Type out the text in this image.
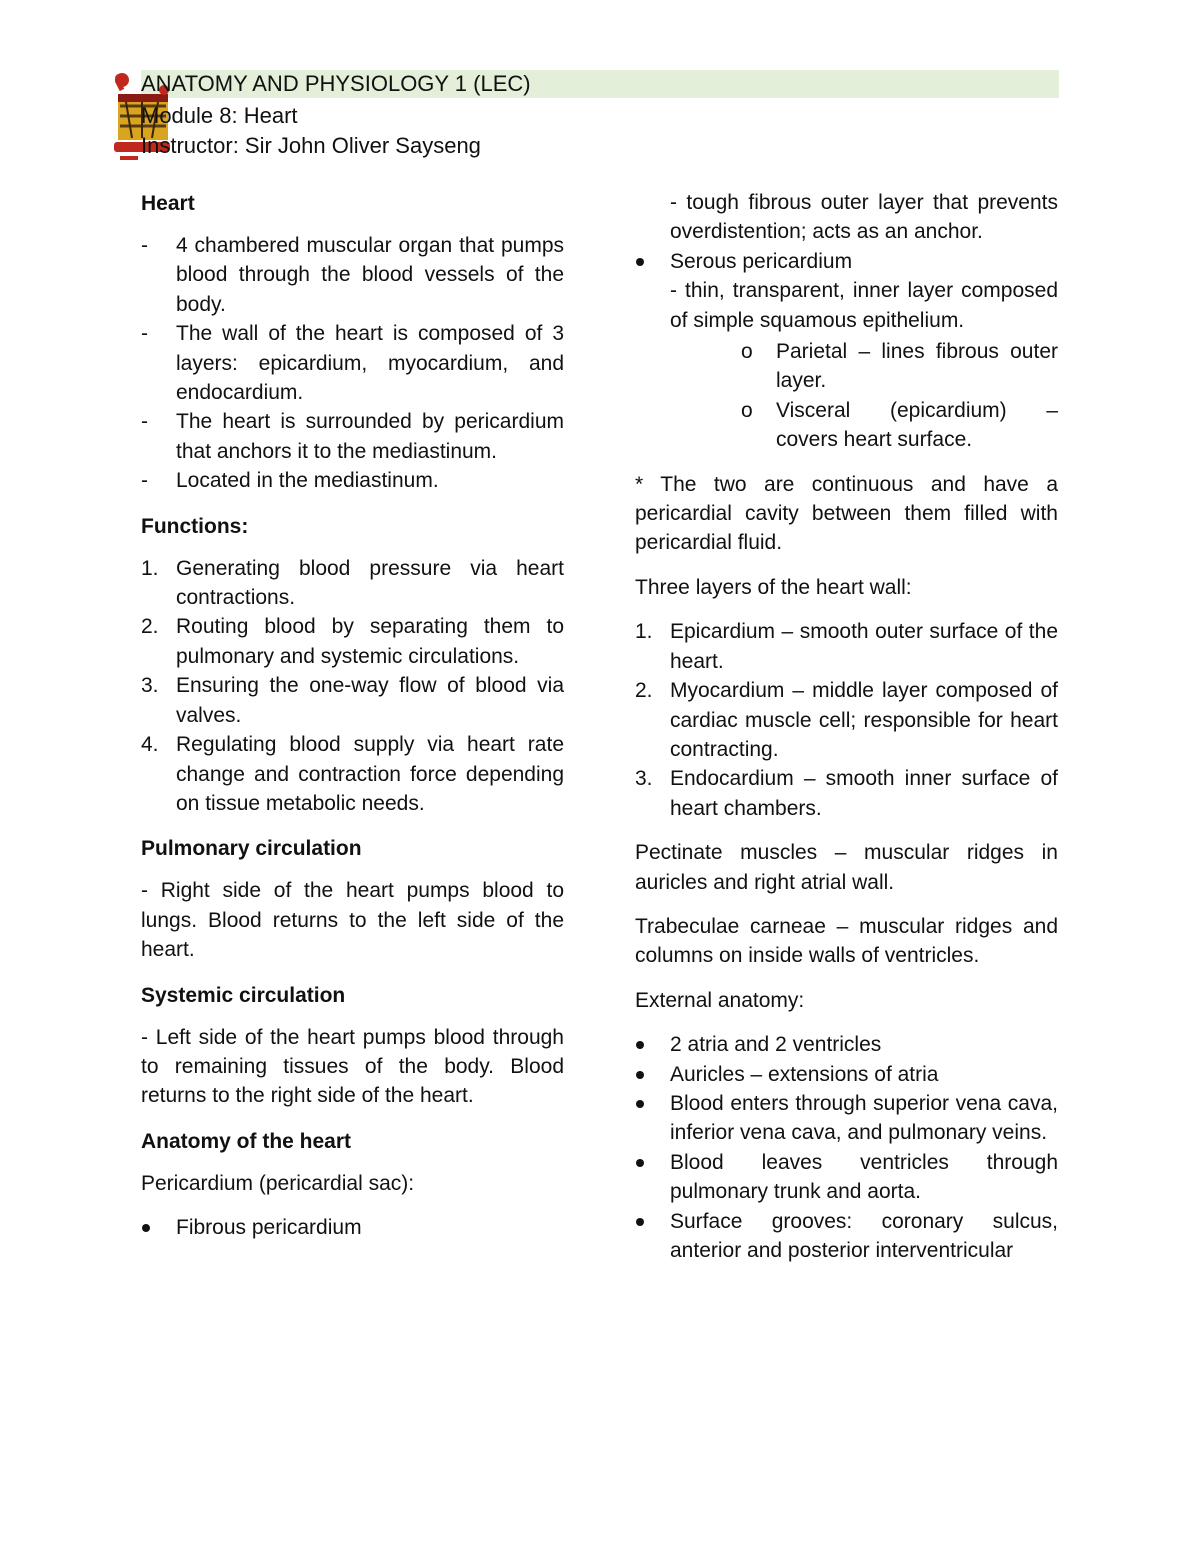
ANATOMY AND PHYSIOLOGY 1 (LEC)
Module 8: Heart
Instructor: Sir John Oliver Sayseng
Heart
- 4 chambered muscular organ that pumps blood through the blood vessels of the body.
- The wall of the heart is composed of 3 layers: epicardium, myocardium, and endocardium.
- The heart is surrounded by pericardium that anchors it to the mediastinum.
- Located in the mediastinum.
Functions:
1. Generating blood pressure via heart contractions.
2. Routing blood by separating them to pulmonary and systemic circulations.
3. Ensuring the one-way flow of blood via valves.
4. Regulating blood supply via heart rate change and contraction force depending on tissue metabolic needs.
Pulmonary circulation
- Right side of the heart pumps blood to lungs. Blood returns to the left side of the heart.
Systemic circulation
- Left side of the heart pumps blood through to remaining tissues of the body. Blood returns to the right side of the heart.
Anatomy of the heart
Pericardium (pericardial sac):
Fibrous pericardium
- tough fibrous outer layer that prevents overdistention; acts as an anchor.
Serous pericardium
- thin, transparent, inner layer composed of simple squamous epithelium.
o Parietal – lines fibrous outer layer.
o Visceral (epicardium) – covers heart surface.
* The two are continuous and have a pericardial cavity between them filled with pericardial fluid.
Three layers of the heart wall:
1. Epicardium – smooth outer surface of the heart.
2. Myocardium – middle layer composed of cardiac muscle cell; responsible for heart contracting.
3. Endocardium – smooth inner surface of heart chambers.
Pectinate muscles – muscular ridges in auricles and right atrial wall.
Trabeculae carneae – muscular ridges and columns on inside walls of ventricles.
External anatomy:
2 atria and 2 ventricles
Auricles – extensions of atria
Blood enters through superior vena cava, inferior vena cava, and pulmonary veins.
Blood leaves ventricles through pulmonary trunk and aorta.
Surface grooves: coronary sulcus, anterior and posterior interventricular
